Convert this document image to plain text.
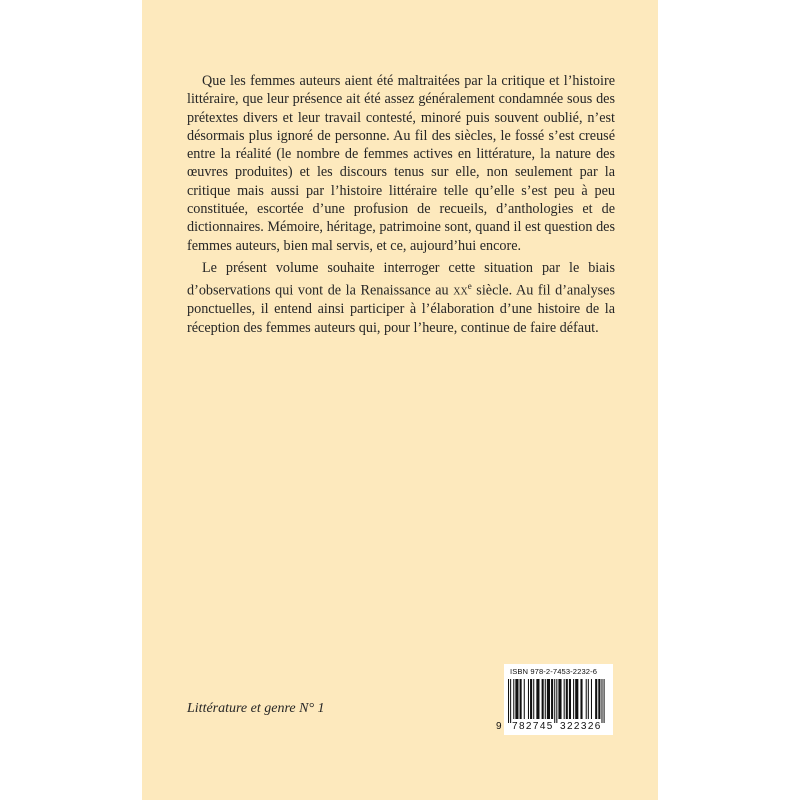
Que les femmes auteurs aient été maltraitées par la critique et l’histoire littéraire, que leur présence ait été assez généralement condamnée sous des prétextes divers et leur travail contesté, minoré puis souvent oublié, n’est désormais plus ignoré de personne. Au fil des siècles, le fossé s’est creusé entre la réalité (le nombre de femmes actives en littérature, la nature des œuvres produites) et les discours tenus sur elle, non seulement par la critique mais aussi par l’histoire littéraire telle qu’elle s’est peu à peu constituée, escortée d’une profusion de recueils, d’anthologies et de dictionnaires. Mémoire, héritage, patrimoine sont, quand il est question des femmes auteurs, bien mal servis, et ce, aujourd’hui encore.

Le présent volume souhaite interroger cette situation par le biais d’observations qui vont de la Renaissance au $xx^e$ siècle. Au fil d’analyses ponctuelles, il entend ainsi participer à l’élaboration d’une histoire de la réception des femmes auteurs qui, pour l’heure, continue de faire défaut.

Littérature et genre N° 1
ISBN 978-2-7453-2232-6
9 782745 322326
